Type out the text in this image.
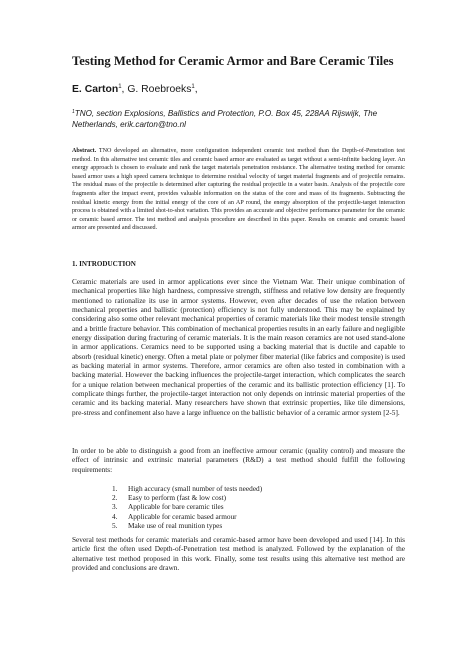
Testing Method for Ceramic Armor and Bare Ceramic Tiles
E. Carton$^1$, G. Roebroeks$^1$,
$^1$TNO, section Explosions, Ballistics and Protection, P.O. Box 45, 228AA Rijswijk, The Netherlands, erik.carton@tno.nl
Abstract. TNO developed an alternative, more configuration independent ceramic test method than the Depth-of-Penetration test method. In this alternative test ceramic tiles and ceramic based armor are evaluated as target without a semi-infinite backing layer. An energy approach is chosen to evaluate and rank the target materials penetration resistance. The alternative testing method for ceramic based armor uses a high speed camera technique to determine residual velocity of target material fragments and of projectile remains. The residual mass of the projectile is determined after capturing the residual projectile in a water basin. Analysis of the projectile core fragments after the impact event, provides valuable information on the status of the core and mass of its fragments. Subtracting the residual kinetic energy from the initial energy of the core of an AP round, the energy absorption of the projectile-target interaction process is obtained with a limited shot-to-shot variation. This provides an accurate and objective performance parameter for the ceramic or ceramic based armor. The test method and analysis procedure are described in this paper. Results on ceramic and ceramic based armor are presented and discussed.
1. INTRODUCTION

Ceramic materials are used in armor applications ever since the Vietnam War. Their unique combination of mechanical properties like high hardness, compressive strength, stiffness and relative low density are frequently mentioned to rationalize its use in armor systems. However, even after decades of use the relation between mechanical properties and ballistic (protection) efficiency is not fully understood. This may be explained by considering also some other relevant mechanical properties of ceramic materials like their modest tensile strength and a brittle fracture behavior. This combination of mechanical properties results in an early failure and negligible energy dissipation during fracturing of ceramic materials. It is the main reason ceramics are not used stand-alone in armor applications. Ceramics need to be supported using a backing material that is ductile and capable to absorb (residual kinetic) energy. Often a metal plate or polymer fiber material (like fabrics and composite) is used as backing material in armor systems. Therefore, armor ceramics are often also tested in combination with a backing material. However the backing influences the projectile-target interaction, which complicates the search for a unique relation between mechanical properties of the ceramic and its ballistic protection efficiency [1]. To complicate things further, the projectile-target interaction not only depends on intrinsic material properties of the ceramic and its backing material. Many researchers have shown that extrinsic properties, like tile dimensions, pre-stress and confinement also have a large influence on the ballistic behavior of a ceramic armor system [2-5].

In order to be able to distinguish a good from an ineffective armour ceramic (quality control) and measure the effect of intrinsic and extrinsic material parameters (R&D) a test method should fulfill the following requirements:

1. High accuracy (small number of tests needed)
2. Easy to perform (fast & low cost)
3. Applicable for bare ceramic tiles
4. Applicable for ceramic based armour
5. Make use of real munition types

Several test methods for ceramic materials and ceramic-based armor have been developed and used [14]. In this article first the often used Depth-of-Penetration test method is analyzed. Followed by the explanation of the alternative test method proposed in this work. Finally, some test results using this alternative test method are provided and conclusions are drawn.
